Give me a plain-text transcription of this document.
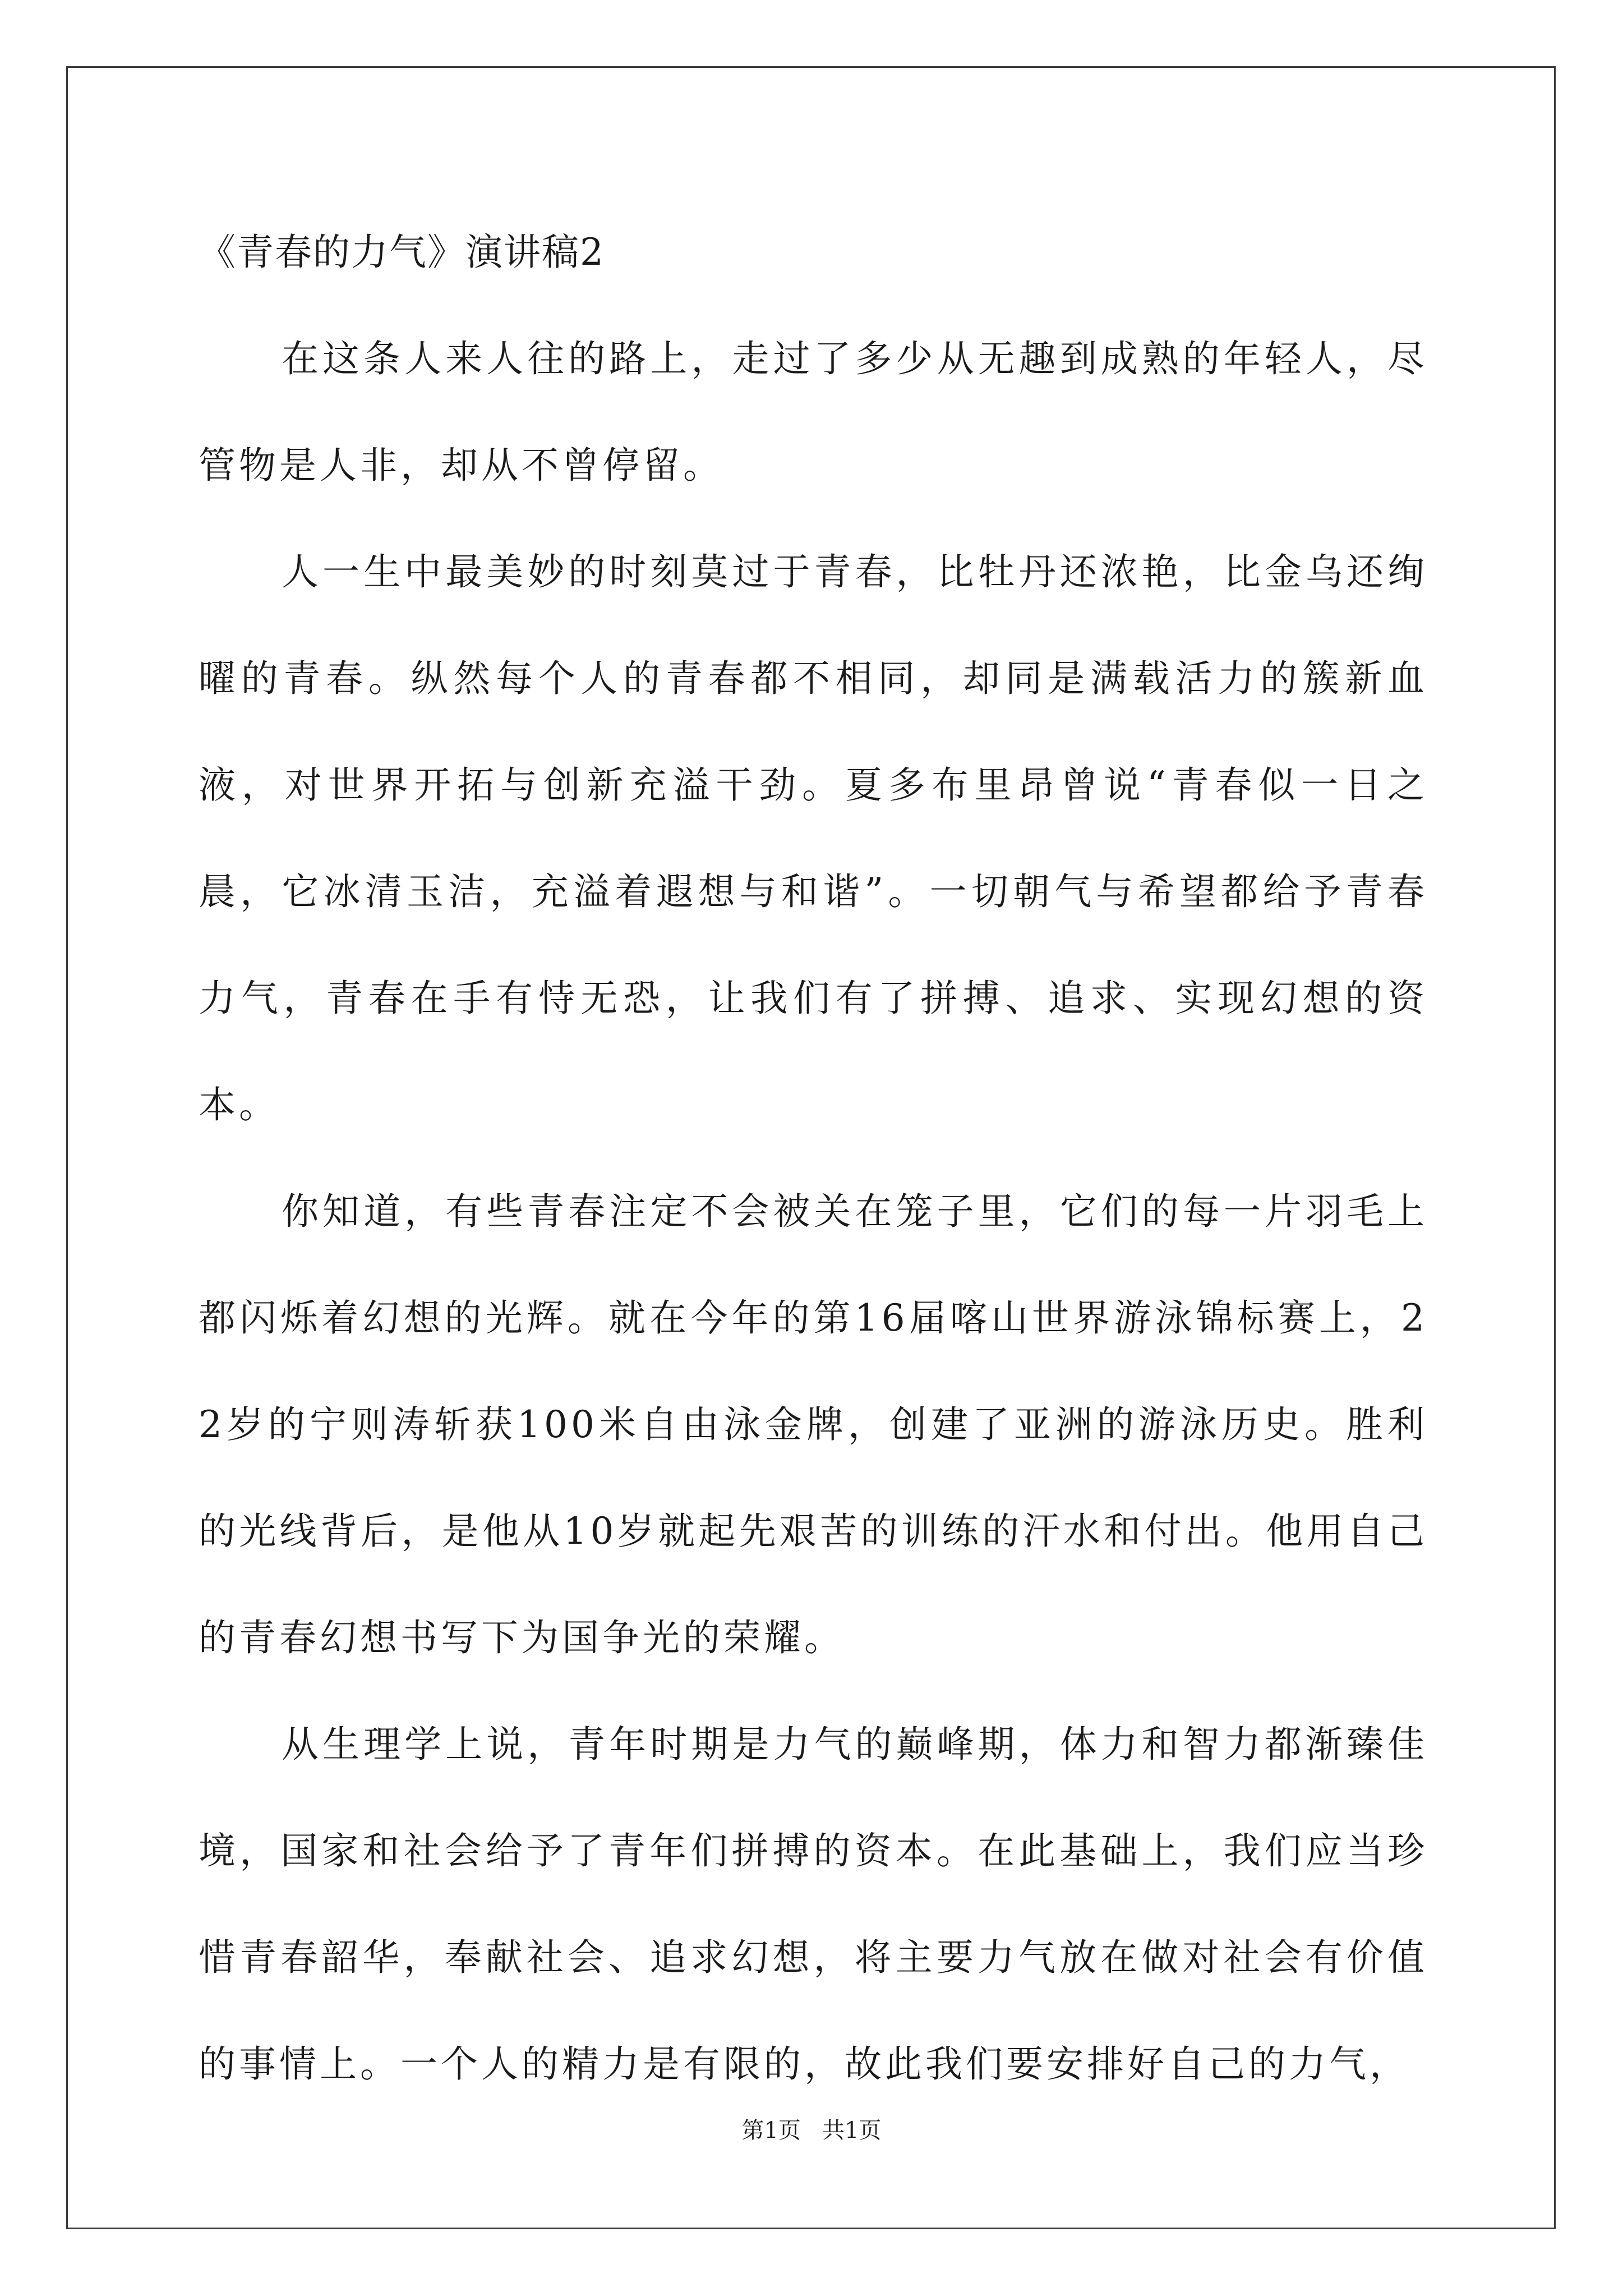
《青春的力气》演讲稿2

在这条人来人往的路上，走过了多少从无趣到成熟的年轻人，尽管物是人非，却从不曾停留。

人一生中最美妙的时刻莫过于青春，比牡丹还浓艳，比金乌还绚曜的青春。纵然每个人的青春都不相同，却同是满载活力的簇新血液，对世界开拓与创新充溢干劲。夏多布里昂曾说“青春似一日之晨，它冰清玉洁，充溢着遐想与和谐”。一切朝气与希望都给予青春力气，青春在手有恃无恐，让我们有了拼搏、追求、实现幻想的资本。

你知道，有些青春注定不会被关在笼子里，它们的每一片羽毛上都闪烁着幻想的光辉。就在今年的第16届喀山世界游泳锦标赛上，22岁的宁则涛斩获100米自由泳金牌，创建了亚洲的游泳历史。胜利的光线背后，是他从10岁就起先艰苦的训练的汗水和付出。他用自己的青春幻想书写下为国争光的荣耀。

从生理学上说，青年时期是力气的巅峰期，体力和智力都渐臻佳境，国家和社会给予了青年们拼搏的资本。在此基础上，我们应当珍惜青春韶华，奉献社会、追求幻想，将主要力气放在做对社会有价值的事情上。一个人的精力是有限的，故此我们要安排好自己的力气，

第1页   共1页
